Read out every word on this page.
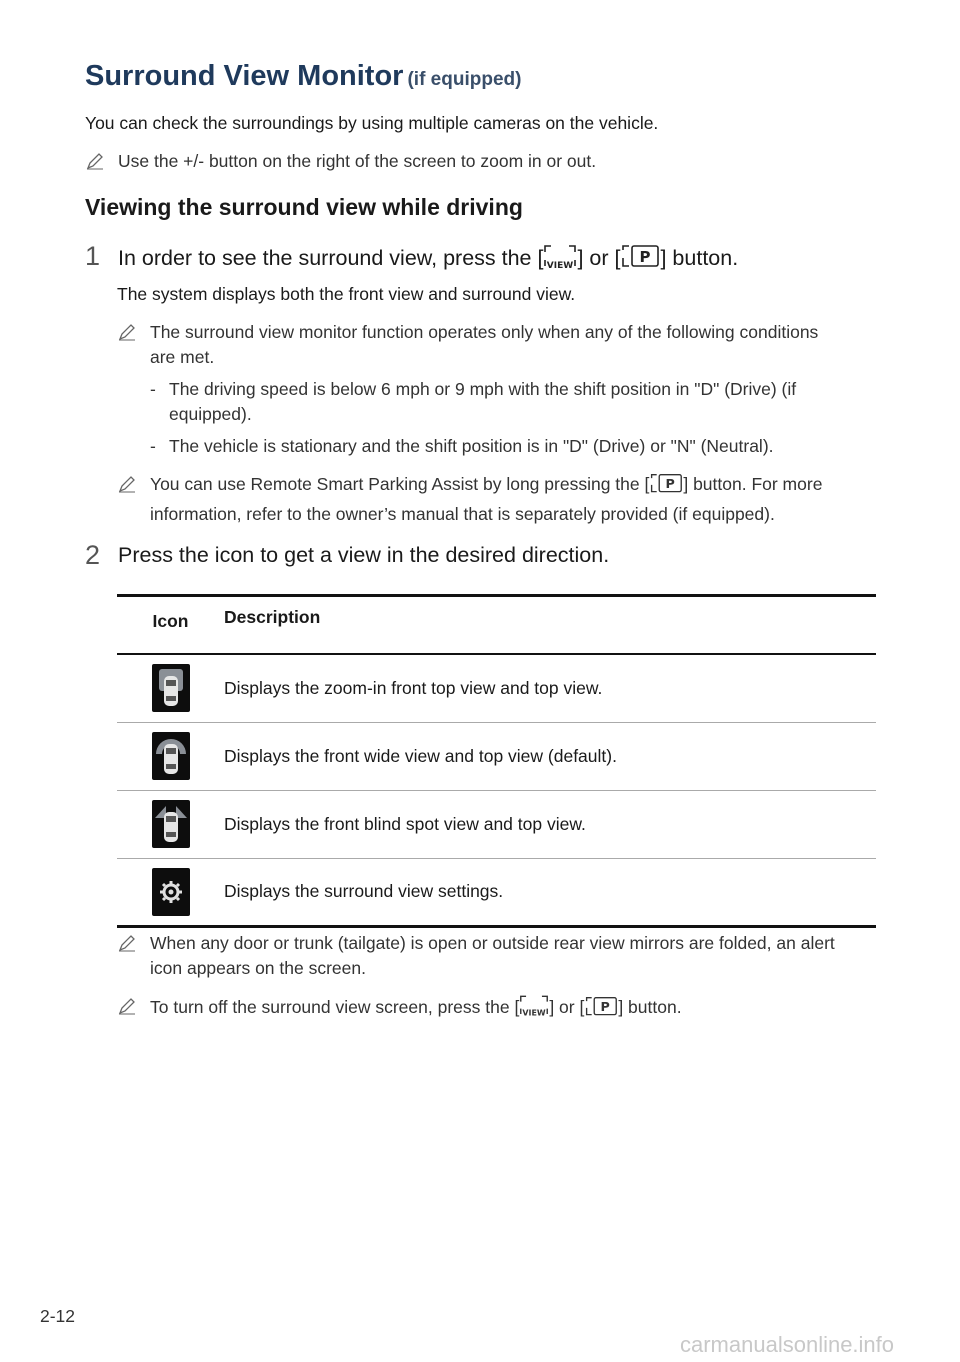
Surround View Monitor (if equipped)
You can check the surroundings by using multiple cameras on the vehicle.
Use the +/- button on the right of the screen to zoom in or out.
Viewing the surround view while driving
1 In order to see the surround view, press the [ VIEW ] or [ P ] button.
The system displays both the front view and surround view.
The surround view monitor function operates only when any of the following conditions are met.
- The driving speed is below 6 mph or 9 mph with the shift position in "D" (Drive) (if equipped).
- The vehicle is stationary and the shift position is in "D" (Drive) or "N" (Neutral).
You can use Remote Smart Parking Assist by long pressing the [ P ] button. For more information, refer to the owner’s manual that is separately provided (if equipped).
2 Press the icon to get a view in the desired direction.
Icon	Description
	Displays the zoom-in front top view and top view.
	Displays the front wide view and top view (default).
	Displays the front blind spot view and top view.
	Displays the surround view settings.
When any door or trunk (tailgate) is open or outside rear view mirrors are folded, an alert icon appears on the screen.
To turn off the surround view screen, press the [ VIEW ] or [ P ] button.
2-12
carmanualsonline.info
